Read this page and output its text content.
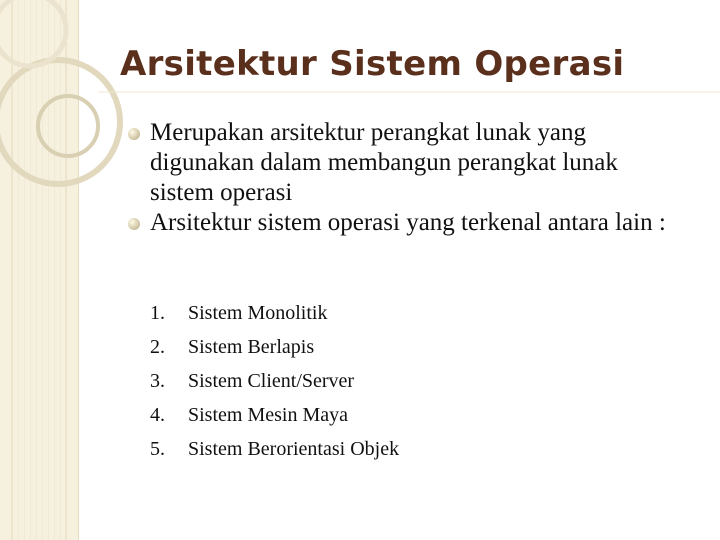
Arsitektur Sistem Operasi
Merupakan arsitektur perangkat lunak yang digunakan dalam membangun perangkat lunak sistem operasi
Arsitektur sistem operasi yang terkenal antara lain :
1. Sistem Monolitik
2. Sistem Berlapis
3. Sistem Client/Server
4. Sistem Mesin Maya
5. Sistem Berorientasi Objek
